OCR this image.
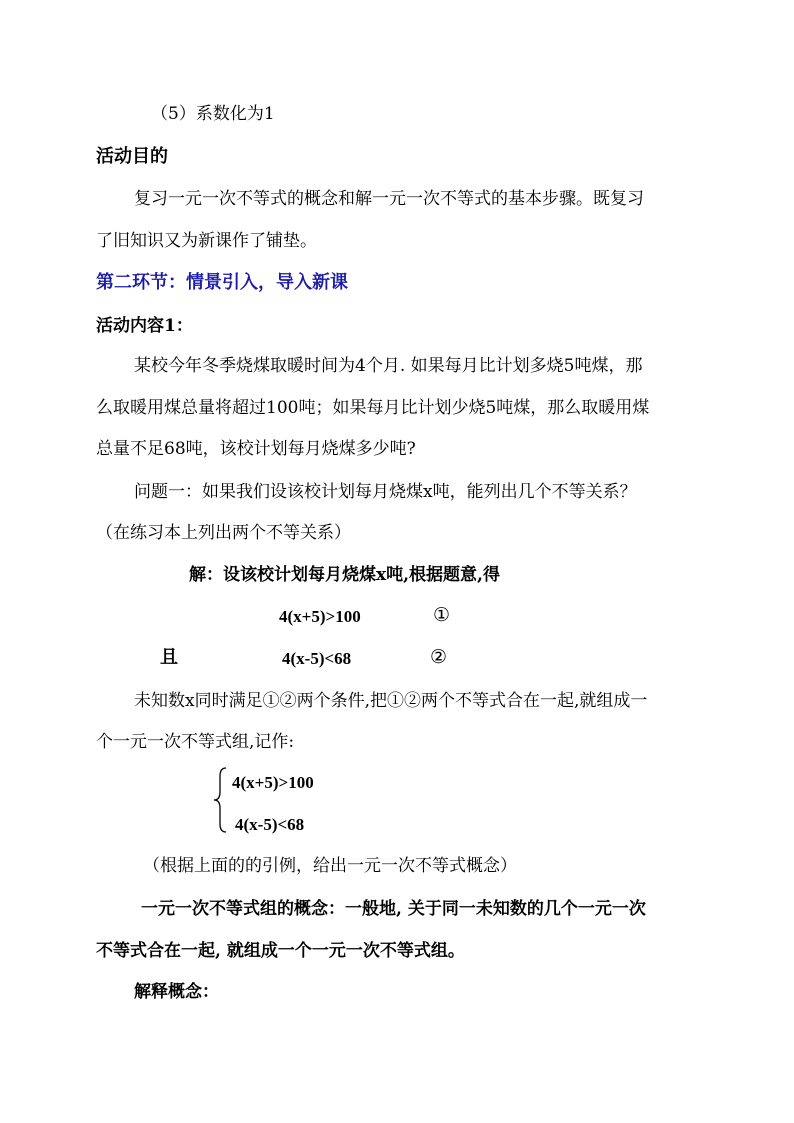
（5）系数化为1
活动目的
复习一元一次不等式的概念和解一元一次不等式的基本步骤。既复习
了旧知识又为新课作了铺垫。
第二环节：情景引入，导入新课
活动内容1：
某校今年冬季烧煤取暖时间为4个月. 如果每月比计划多烧5吨煤，那
么取暖用煤总量将超过100吨；如果每月比计划少烧5吨煤，那么取暖用煤
总量不足68吨，该校计划每月烧煤多少吨?
问题一：如果我们设该校计划每月烧煤x吨，能列出几个不等关系？
（在练习本上列出两个不等关系）
解：设该校计划每月烧煤x吨,根据题意,得
4(x+5)>100	①
且	4(x-5)<68	②
未知数x同时满足①②两个条件,把①②两个不等式合在一起,就组成一
个一元一次不等式组,记作:
4(x+5)>100
4(x-5)<68
（根据上面的的引例，给出一元一次不等式概念）
一元一次不等式组的概念：一般地, 关于同一未知数的几个一元一次
不等式合在一起, 就组成一个一元一次不等式组。
解释概念：
